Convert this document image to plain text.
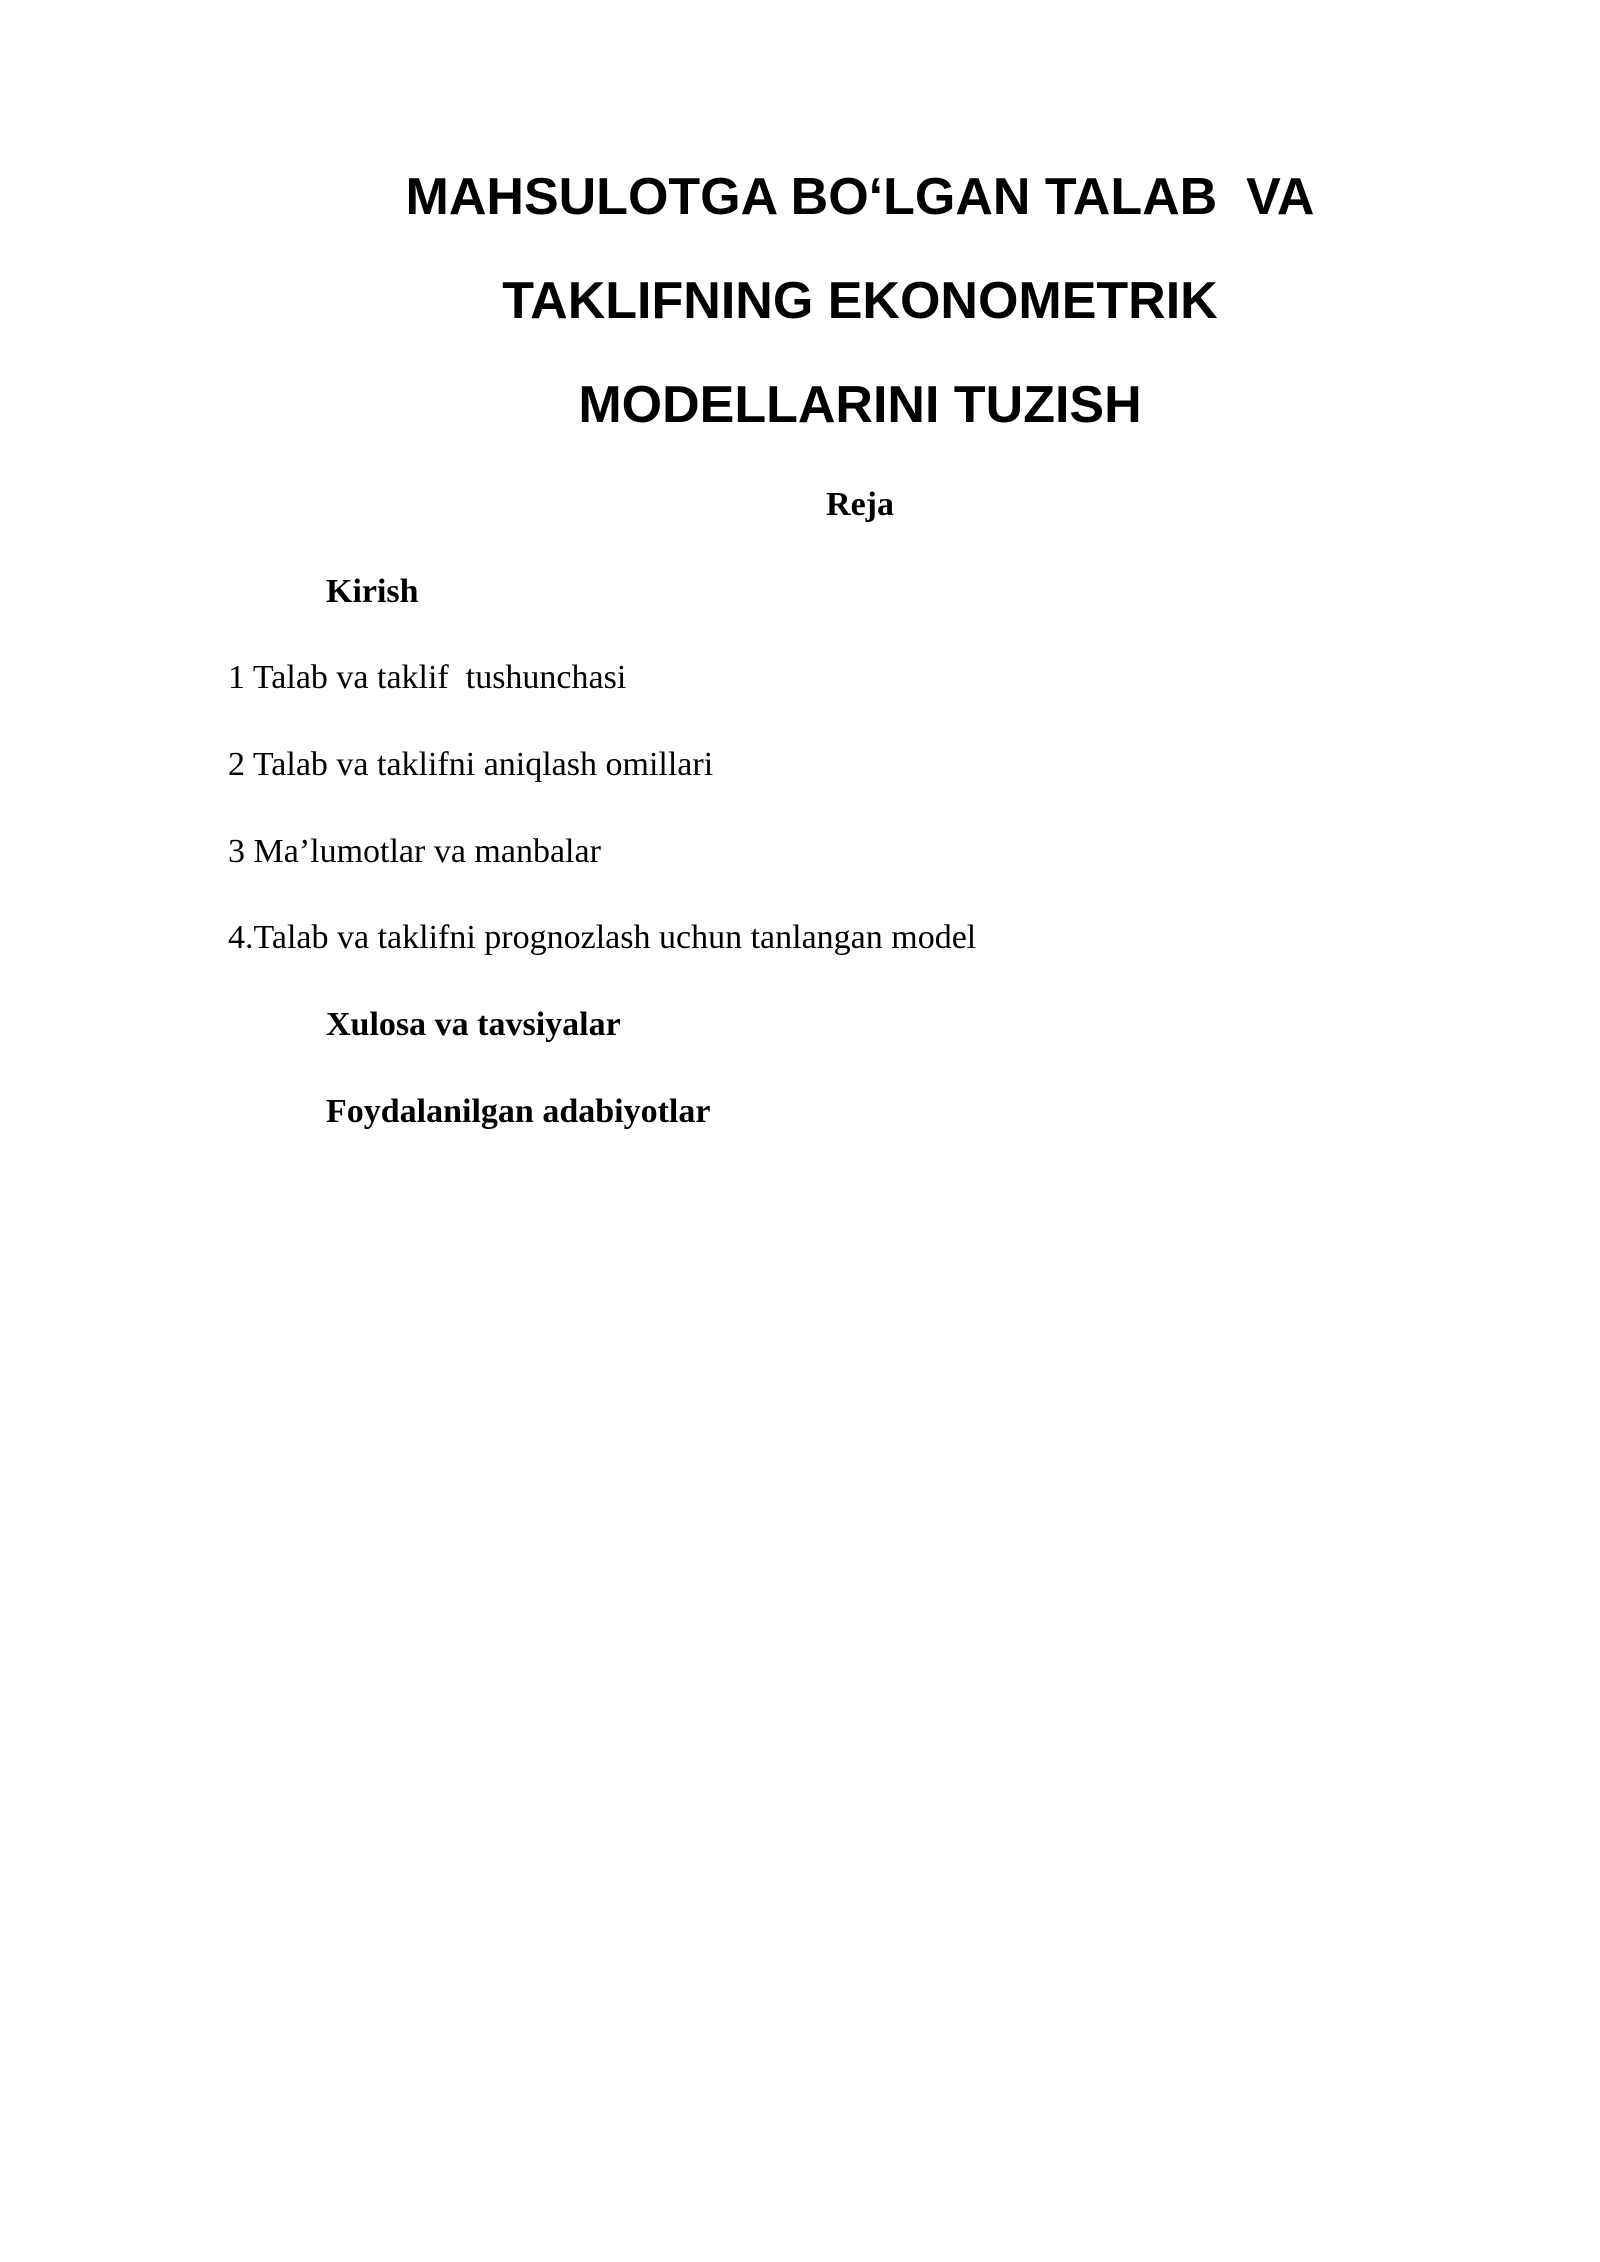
MAHSULOTGA BO‘LGAN TALAB  VA
TAKLIFNING EKONOMETRIK
MODELLARINI TUZISH
Reja
Kirish
1 Talab va taklif  tushunchasi
2 Talab va taklifni aniqlash omillari
3 Ma’lumotlar va manbalar
4.Talab va taklifni prognozlash uchun tanlangan model
Xulosa va tavsiyalar
Foydalanilgan adabiyotlar
